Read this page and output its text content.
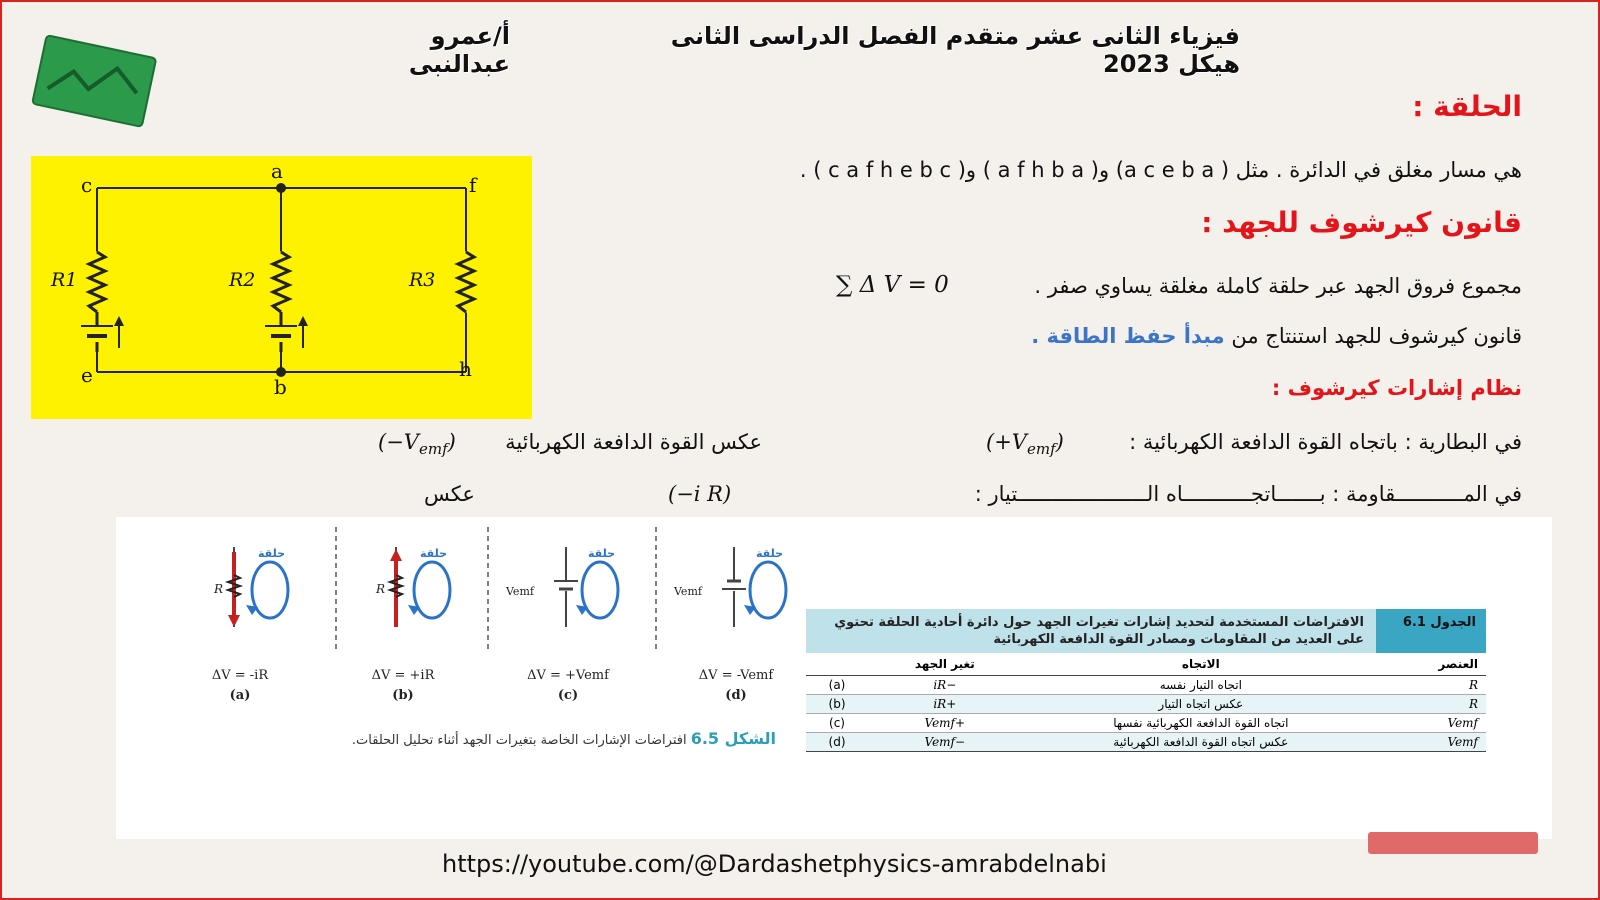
أ/عمرو عبدالنبى
فيزياء الثانى عشر متقدم الفصل الدراسى الثانى هيكل 2023
الحلقة :
هي مسار مغلق في الدائرة . مثل ( a c e b a) و( a f h b a ) و( c a f h e b c ) .
c
a
f
e	b
h
R1	R2	R3
قانون كيرشوف للجهد :
مجموع فروق الجهد عبر حلقة كاملة مغلقة يساوي صفر .
∑ Δ V = 0
قانون كيرشوف للجهد استنتاج من مبدأ حفظ الطاقة .
نظام إشارات كيرشوف :
في البطارية : باتجاه القوة الدافعة الكهربائية :
$(+V_{emf})$
عكس القوة الدافعة الكهربائية
$(-V_{emf})$
في المـــــــــــقاومة : بـــــــاتجـــــــــــاه الـــــــــــــــــــــتيار :
(−i R)
عكس
R
حلقة
R
حلقة
Vemf
حلقة
Vemf
حلقة
ΔV = -iR
(a)
ΔV = +iR
(b)
ΔV = +Vemf
(c)
ΔV = -Vemf
(d)
الشكل 6.5 افتراضات الإشارات الخاصة بتغيرات الجهد أثناء تحليل الحلقات.
الجدول 6.1
الافتراضات المستخدمة لتحديد إشارات تغيرات الجهد حول دائرة أحادية الحلقة تحتوي على العديد من المقاومات ومصادر القوة الدافعة الكهربائية
العنصر	الاتجاه	تغير الجهد	
R	اتجاه التيار نفسه	−iR	(a)
R	عكس اتجاه التيار	+iR	(b)
Vemf	اتجاه القوة الدافعة الكهربائية نفسها	+Vemf	(c)
Vemf	عكس اتجاه القوة الدافعة الكهربائية	−Vemf	(d)
https://youtube.com/@Dardashetphysics-amrabdelnabi
